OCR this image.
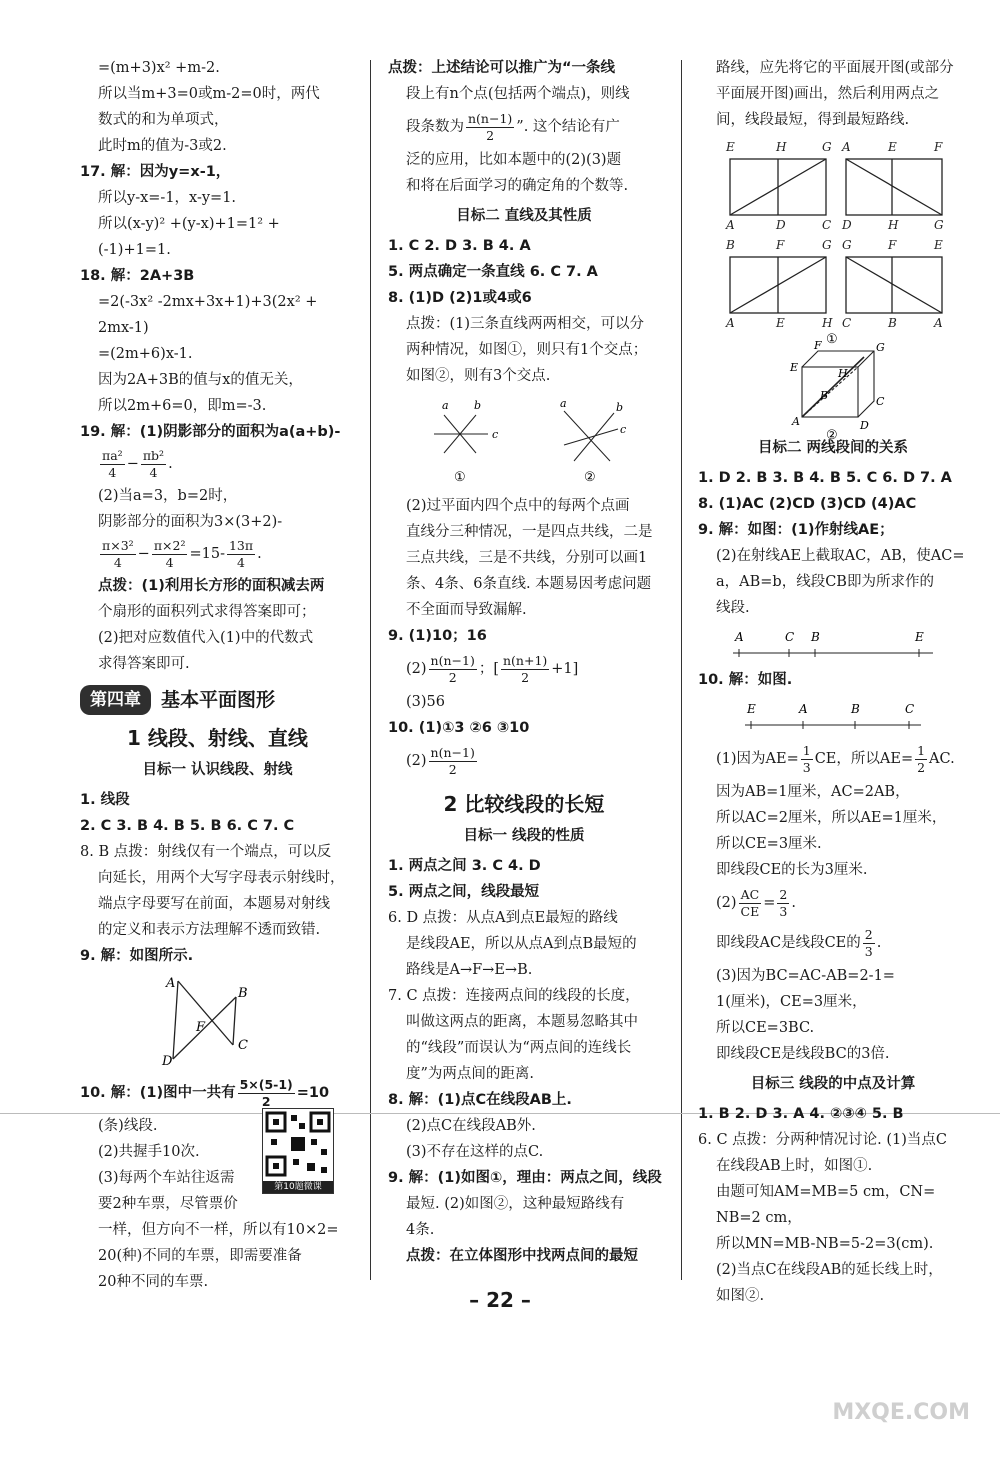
=(m+3)x² +m-2.
所以当m+3=0或m-2=0时，两代
数式的和为单项式，
此时m的值为-3或2.
17. 解：因为y=x-1，
所以y-x=-1，x-y=1.
所以(x-y)² +(y-x)+1=1² +
(-1)+1=1.
18. 解：2A+3B
=2(-3x² -2mx+3x+1)+3(2x² +
2mx-1)
=(2m+6)x-1.
因为2A+3B的值与x的值无关，
所以2m+6=0，即m=-3.
19. 解：(1)阴影部分的面积为a(a+b)-
$\frac{\text{πa²}}{4} - \frac{\text{πb²}}{4}$ .
(2)当a=3，b=2时，
阴影部分的面积为3×(3+2)-
$\frac{\text{π×3²}}{4} - \frac{\text{π×2²}}{4} =15- \frac{13\pi}{4}$ .
点拨：(1)利用长方形的面积减去两
个扇形的面积列式求得答案即可；
(2)把对应数值代入(1)中的代数式
求得答案即可.
第四章	基本平面图形
1 线段、射线、直线
目标一 认识线段、射线
1. 线段
2. C 3. B 4. B 5. B 6. C 7. C
8. B 点拨：射线仅有一个端点，可以反
向延长，用两个大写字母表示射线时，
端点字母要写在前面，本题易对射线
的定义和表示方法理解不透而致错.
9. 解：如图所示.
A
B
C
D
F
10. 解：(1)图中一共有 $\frac{5\times(5-1)}{2} =10$
(条)线段.
(2)共握手10次.
(3)每两个车站往返需
要2种车票，尽管票价
一样，但方向不一样，所以有10×2=
20(种)不同的车票，即需要准备
20种不同的车票.
第10题微课
点拨：上述结论可以推广为“一条线
段上有n个点(包括两个端点)，则线
段条数为 $\frac{n(n-1)}{2}$ ”. 这个结论有广
泛的应用，比如本题中的(2)(3)题
和将在后面学习的确定角的个数等.
目标二 直线及其性质
1. C 2. D 3. B 4. A
5. 两点确定一条直线 6. C 7. A
8. (1)D (2)1或4或6
点拨：(1)三条直线两两相交，可以分
两种情况，如图①，则只有1个交点；
如图②，则有3个交点.
a b
c
①
a	b
c
②
(2)过平面内四个点中的每两个点画
直线分三种情况，一是四点共线，二是
三点共线，三是不共线，分别可以画1
条、4条、6条直线. 本题易因考虑问题
不全面而导致漏解.
9. (1)10；16
$(2) \frac{n(n-1)}{2}$ ；[ $\frac{n(n+1)}{2} +1$]
(3)56
10. (1)①3 ②6 ③10
$(2) \frac{n(n-1)}{2}$
2 比较线段的长短
目标一 线段的性质
1. 两点之间 3. C 4. D
5. 两点之间，线段最短
6. D 点拨：从点A到点E最短的路线
是线段AE，所以从点A到点B最短的
路线是A→F→E→B.
7. C 点拨：连接两点间的线段的长度，
叫做这两点的距离，本题易忽略其中
的“线段”而误认为“两点间的连线长
度”为两点间的距离.
8. 解：(1)点C在线段AB上.
(2)点C在线段AB外.
(3)不存在这样的点C.
9. 解：(1)如图①，理由：两点之间，线段
最短. (2)如图②，这种最短路线有
4条.
点拨：在立体图形中找两点间的最短
路线，应先将它的平面展开图(或部分
平面展开图)画出，然后利用两点之
间，线段最短，得到最短路线.
E	H	G A	E	F
A	D	C D	H	G
B	F	G G	F	E
A	E	H C	B	A
①
E
F	G
H
A	D
C
B
②
目标二 两线段间的关系
1. D 2. B 3. B 4. B 5. C 6. D 7. A
8. (1)AC (2)CD (3)CD (4)AC
9. 解：如图：(1)作射线AE；
(2)在射线AE上截取AC，AB，使AC=
a，AB=b，线段CB即为所求作的
线段.
A	C B	E
10. 解：如图.
E	A	B	C
(1)因为$AE= \frac{1}{3}$ CE，所以$AE= \frac{1}{2}$ AC.
因为AB=1厘米，AC=2AB，
所以AC=2厘米，所以AE=1厘米，
所以CE=3厘米.
即线段CE的长为3厘米.
$(2) \frac{AC}{CE} = \frac{2}{3}$ .
即线段AC是线段CE的 $\frac{2}{3}$ .
(3)因为BC=AC-AB=2-1=
1(厘米)，CE=3厘米，
所以CE=3BC.
即线段CE是线段BC的3倍.
目标三 线段的中点及计算
1. B 2. D 3. A 4. ②③④ 5. B
6. C 点拨：分两种情况讨论. (1)当点C
在线段AB上时，如图①.
由题可知AM=MB=5 cm，CN=
NB=2 cm，
所以MN=MB-NB=5-2=3(cm).
(2)当点C在线段AB的延长线上时，
如图②.
– 22 –
MXQE.COM
